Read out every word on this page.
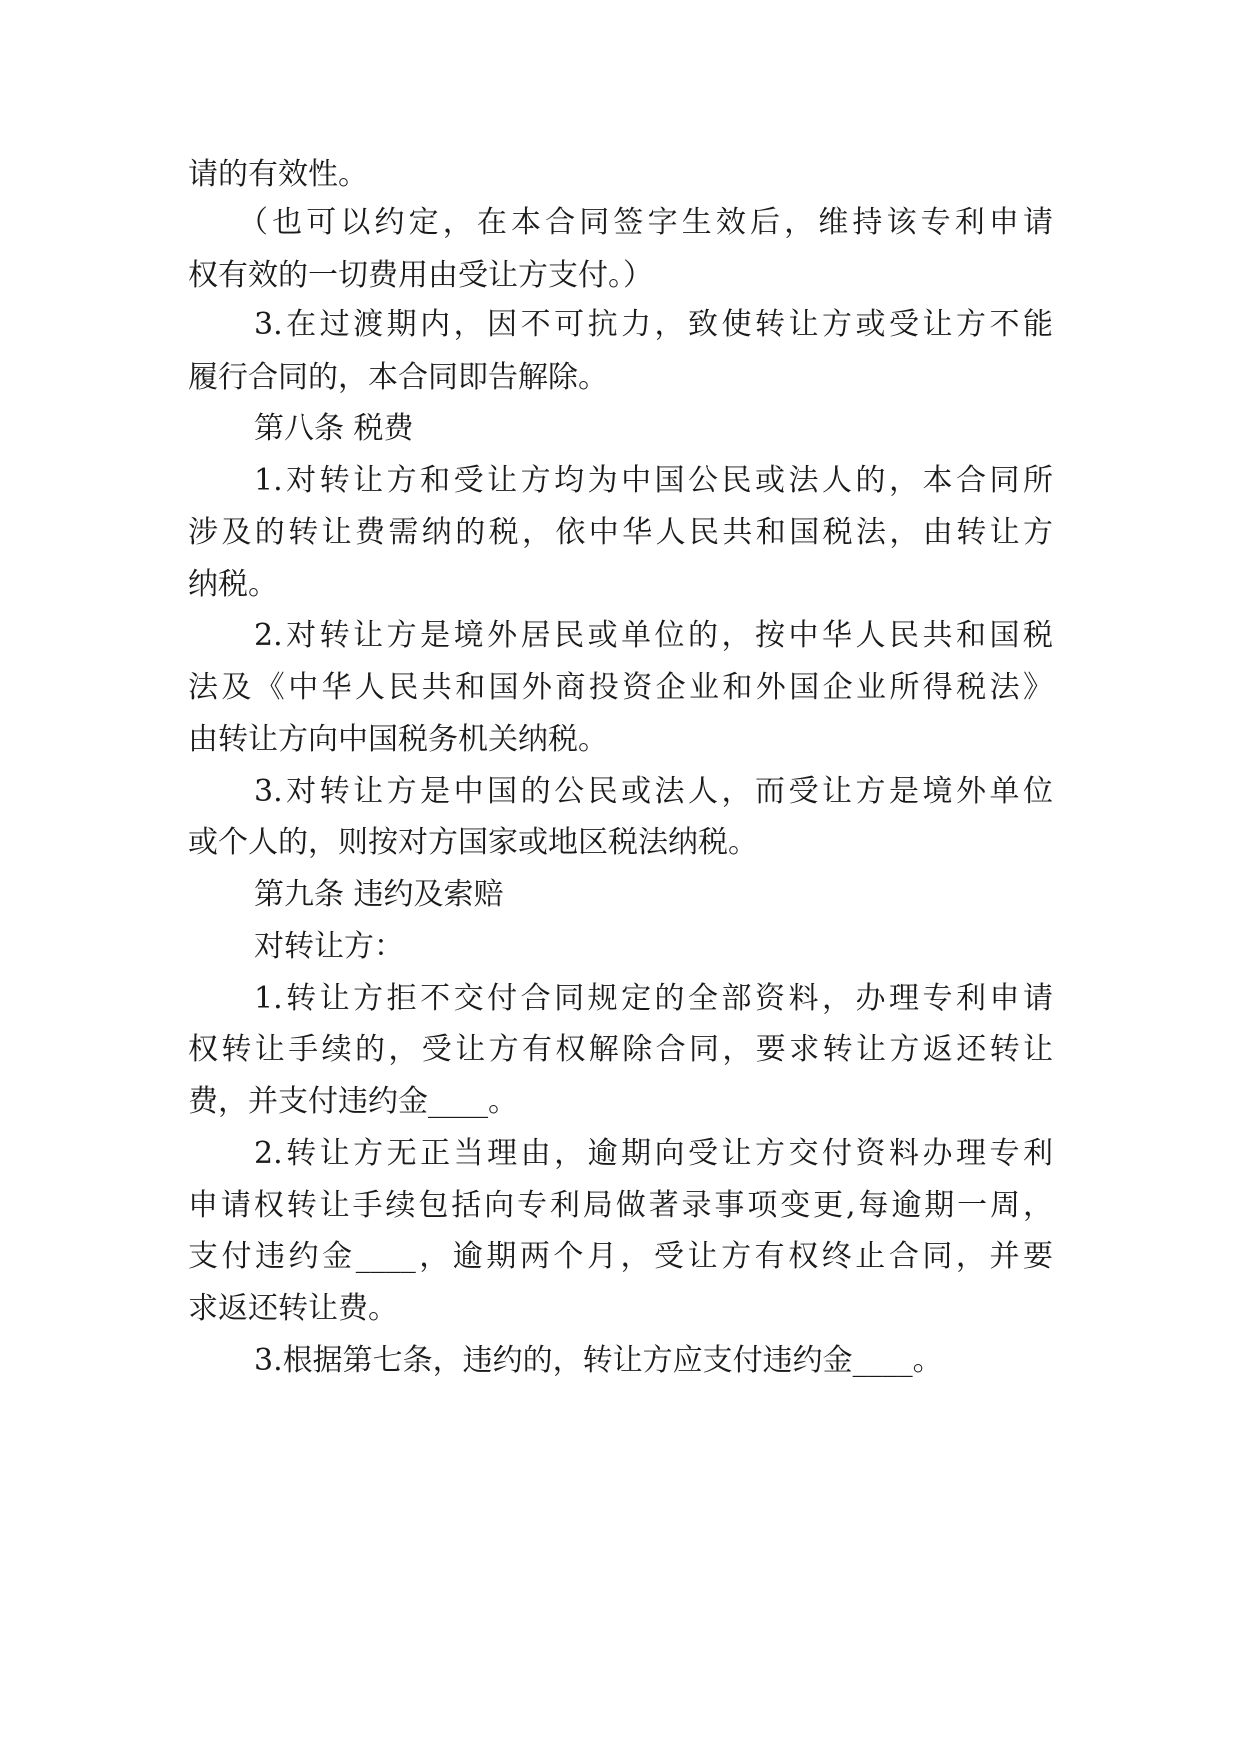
请的有效性。
（也可以约定，在本合同签字生效后，维持该专利申请
权有效的一切费用由受让方支付。）
3.在过渡期内，因不可抗力，致使转让方或受让方不能
履行合同的，本合同即告解除。
第八条 税费
1.对转让方和受让方均为中国公民或法人的，本合同所
涉及的转让费需纳的税，依中华人民共和国税法，由转让方
纳税。
2.对转让方是境外居民或单位的，按中华人民共和国税
法及《中华人民共和国外商投资企业和外国企业所得税法》
由转让方向中国税务机关纳税。
3.对转让方是中国的公民或法人，而受让方是境外单位
或个人的，则按对方国家或地区税法纳税。
第九条 违约及索赔
对转让方：
1.转让方拒不交付合同规定的全部资料，办理专利申请
权转让手续的，受让方有权解除合同，要求转让方返还转让
费，并支付违约金____。
2.转让方无正当理由，逾期向受让方交付资料办理专利
申请权转让手续包括向专利局做著录事项变更,每逾期一周，
支付违约金____，逾期两个月，受让方有权终止合同，并要
求返还转让费。
3.根据第七条，违约的，转让方应支付违约金____。
